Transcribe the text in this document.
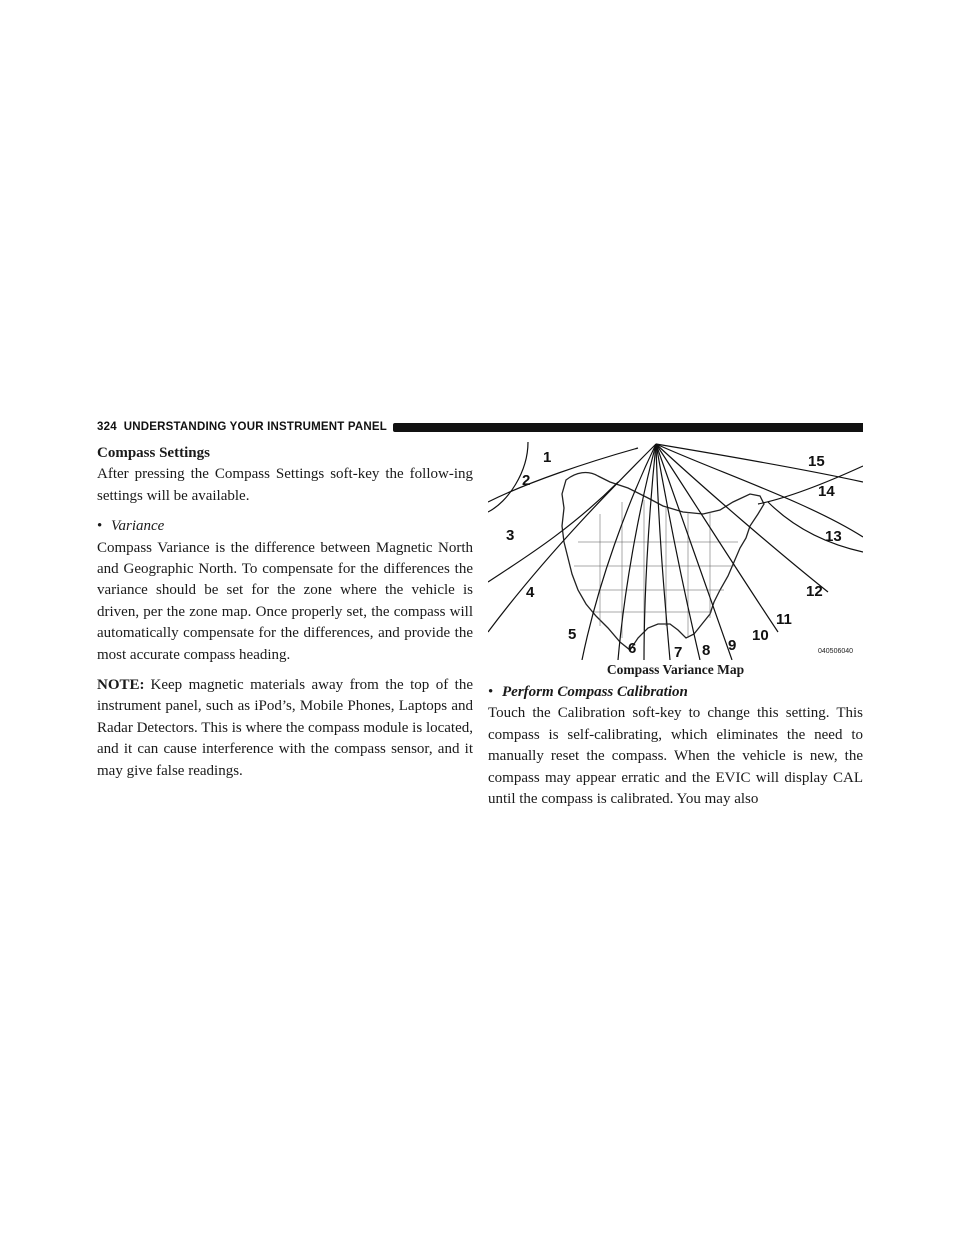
324 UNDERSTANDING YOUR INSTRUMENT PANEL

Compass Settings

After pressing the Compass Settings soft-key the follow-ing settings will be available.

• Variance

Compass Variance is the difference between Magnetic North and Geographic North. To compensate for the differences the variance should be set for the zone where the vehicle is driven, per the zone map. Once properly set, the compass will automatically compensate for the differences, and provide the most accurate compass heading.

NOTE: Keep magnetic materials away from the top of the instrument panel, such as iPod’s, Mobile Phones, Laptops and Radar Detectors. This is where the compass module is located, and it can cause interference with the compass sensor, and it may give false readings.

1
2
3
4
5
6	7 8 9
10
11
12
13
14
15
040506040
Compass Variance Map

• Perform Compass Calibration

Touch the Calibration soft-key to change this setting. This compass is self-calibrating, which eliminates the need to manually reset the compass. When the vehicle is new, the compass may appear erratic and the EVIC will display CAL until the compass is calibrated. You may also
